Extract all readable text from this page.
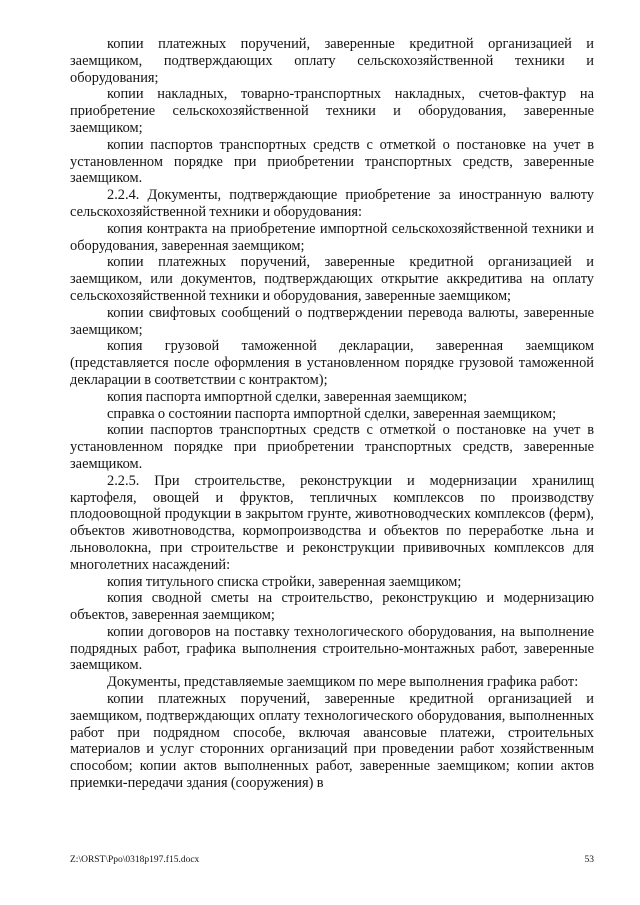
копии платежных поручений, заверенные кредитной организацией и заемщиком, подтверждающих оплату сельскохозяйственной техники и оборудования;

копии накладных, товарно-транспортных накладных, счетов-фактур на приобретение сельскохозяйственной техники и оборудования, заверенные заемщиком;

копии паспортов транспортных средств с отметкой о постановке на учет в установленном порядке при приобретении транспортных средств, заверенные заемщиком.

2.2.4. Документы, подтверждающие приобретение за иностранную валюту сельскохозяйственной техники и оборудования:

копия контракта на приобретение импортной сельскохозяйственной техники и оборудования, заверенная заемщиком;

копии платежных поручений, заверенные кредитной организацией и заемщиком, или документов, подтверждающих открытие аккредитива на оплату сельскохозяйственной техники и оборудования, заверенные заемщиком;

копии свифтовых сообщений о подтверждении перевода валюты, заверенные заемщиком;

копия грузовой таможенной декларации, заверенная заемщиком (представляется после оформления в установленном порядке грузовой таможенной декларации в соответствии с контрактом);

копия паспорта импортной сделки, заверенная заемщиком;

справка о состоянии паспорта импортной сделки, заверенная заемщиком;

копии паспортов транспортных средств с отметкой о постановке на учет в установленном порядке при приобретении транспортных средств, заверенные заемщиком.

2.2.5. При строительстве, реконструкции и модернизации хранилищ картофеля, овощей и фруктов, тепличных комплексов по производству плодоовощной продукции в закрытом грунте, животноводческих комплексов (ферм), объектов животноводства, кормопроизводства и объектов по переработке льна и льноволокна, при строительстве и реконструкции прививочных комплексов для многолетних насаждений:

копия титульного списка стройки, заверенная заемщиком;

копия сводной сметы на строительство, реконструкцию и модернизацию объектов, заверенная заемщиком;

копии договоров на поставку технологического оборудования, на выполнение подрядных работ, графика выполнения строительно-монтажных работ, заверенные заемщиком.

Документы, представляемые заемщиком по мере выполнения графика работ:

копии платежных поручений, заверенные кредитной организацией и заемщиком, подтверждающих оплату технологического оборудования, выполненных работ при подрядном способе, включая авансовые платежи, строительных материалов и услуг сторонних организаций при проведении работ хозяйственным способом; копии актов выполненных работ, заверенные заемщиком; копии актов приемки-передачи здания (сооружения) в

Z:\ORST\Ppo\0318p197.f15.docx	53
